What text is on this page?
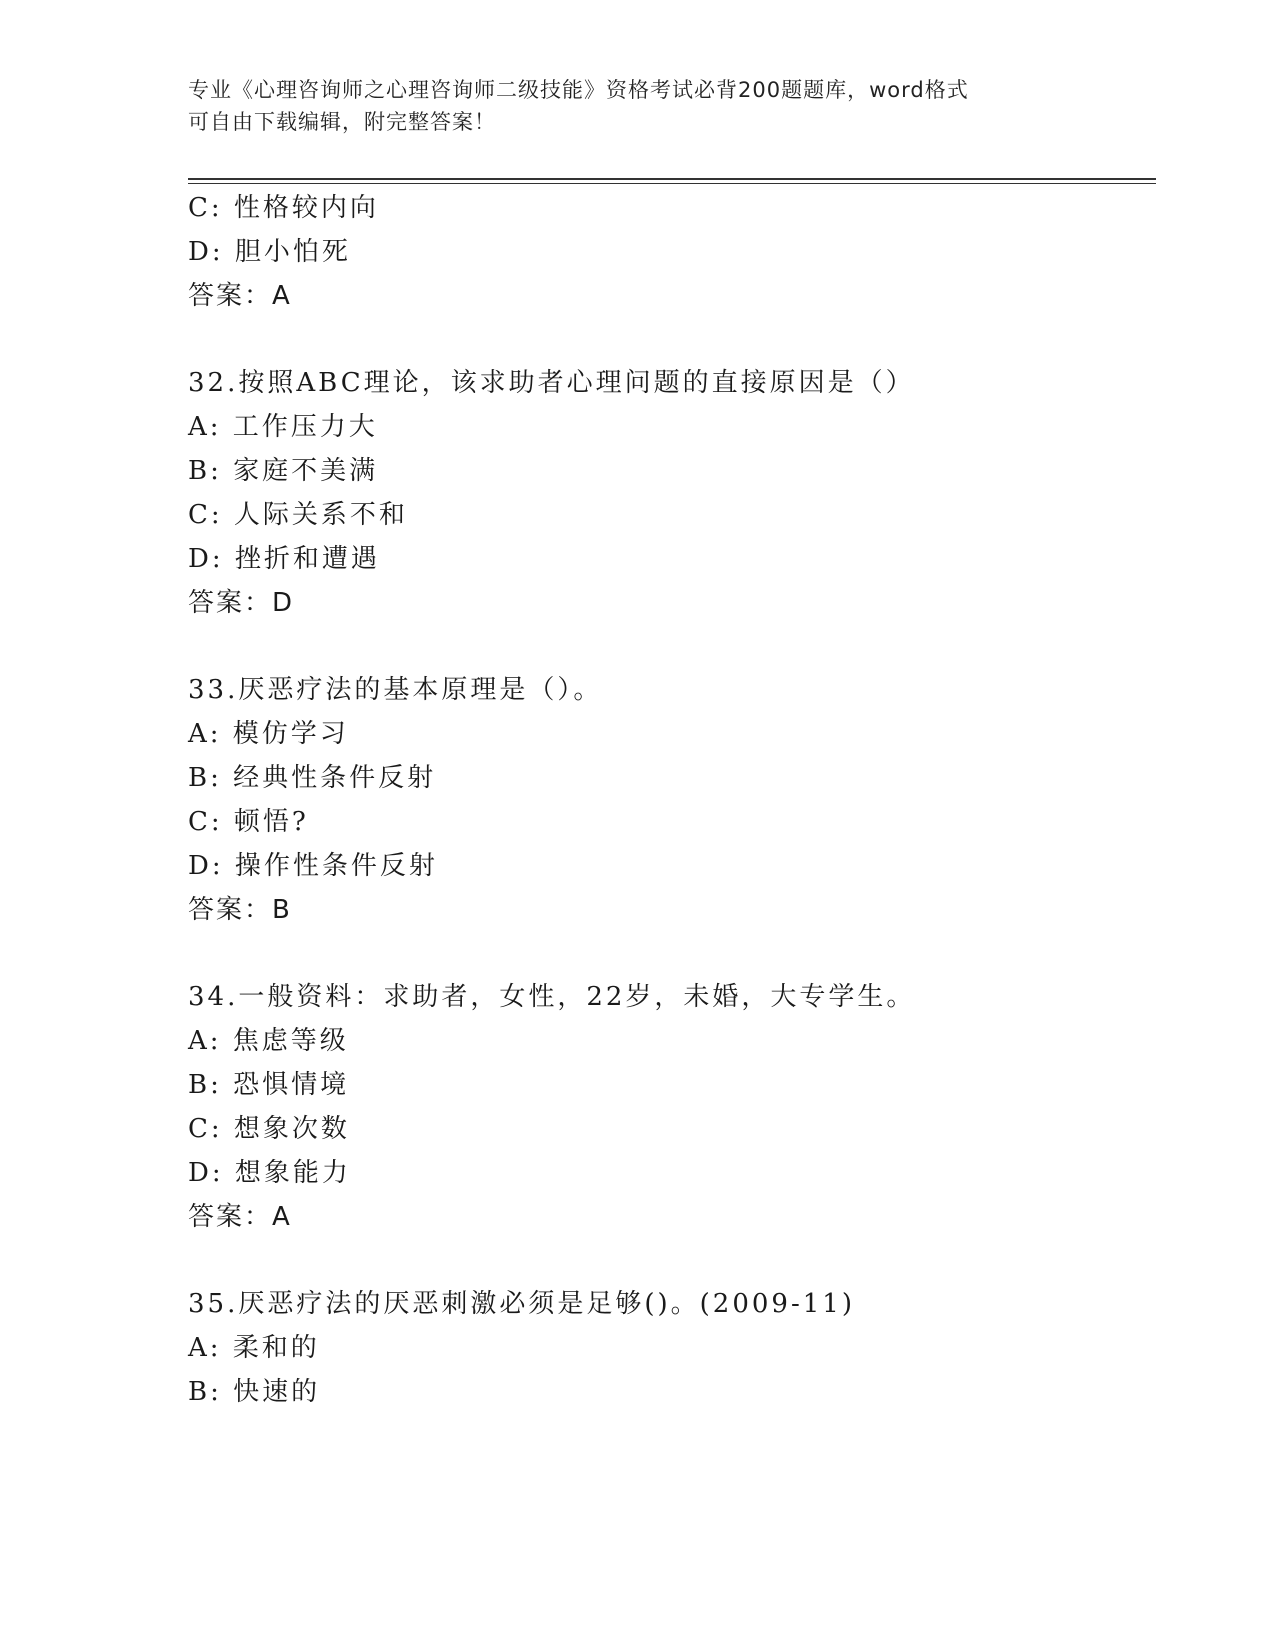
专业《心理咨询师之心理咨询师二级技能》资格考试必背200题题库，word格式
可自由下载编辑，附完整答案！
C: 性格较内向
D: 胆小怕死
答案：A
32.按照ABC理论，该求助者心理问题的直接原因是（）
A: 工作压力大
B: 家庭不美满
C: 人际关系不和
D: 挫折和遭遇
答案：D
33.厌恶疗法的基本原理是（）。
A: 模仿学习
B: 经典性条件反射
C: 顿悟?
D: 操作性条件反射
答案：B
34.一般资料：求助者，女性，22岁，未婚，大专学生。
A: 焦虑等级
B: 恐惧情境
C: 想象次数
D: 想象能力
答案：A
35.厌恶疗法的厌恶刺激必须是足够()。(2009-11)
A: 柔和的
B: 快速的
